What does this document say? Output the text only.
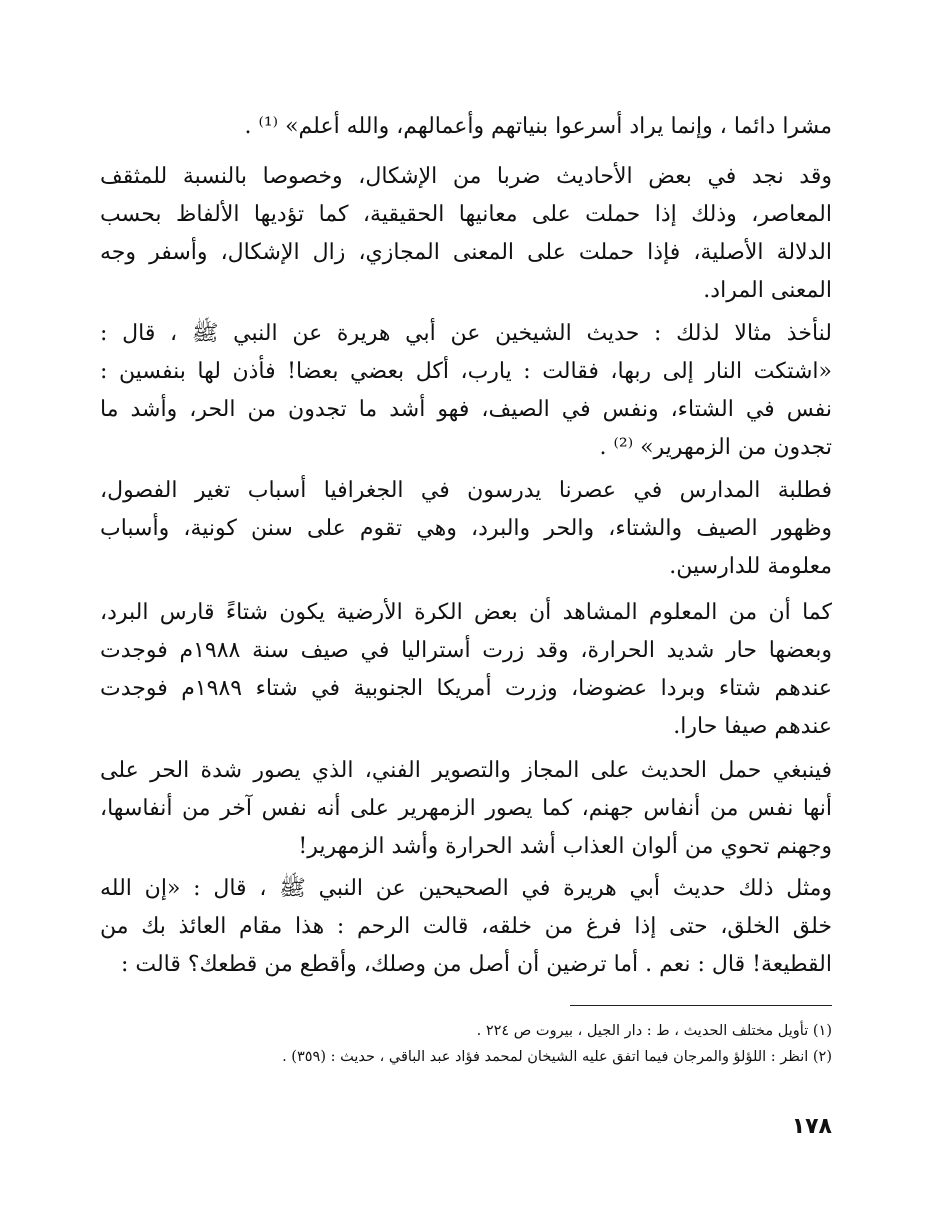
مشرا دائما ، وإنما يراد أسرعوا بنياتهم وأعمالهم، والله أعلم» ⁽¹⁾ .

وقد نجد في بعض الأحاديث ضربا من الإشكال، وخصوصا بالنسبة للمثقف
المعاصر، وذلك إذا حملت على معانيها الحقيقية، كما تؤديها الألفاظ بحسب
الدلالة الأصلية، فإذا حملت على المعنى المجازي، زال الإشكال، وأسفر وجه
المعنى المراد.

لنأخذ مثالا لذلك : حديث الشيخين عن أبي هريرة عن النبي ﷺ ، قال :
«اشتكت النار إلى ربها، فقالت : يارب، أكل بعضي بعضا! فأذن لها بنفسين :
نفس في الشتاء، ونفس في الصيف، فهو أشد ما تجدون من الحر، وأشد ما
تجدون من الزمهرير» ⁽²⁾ .

فطلبة المدارس في عصرنا يدرسون في الجغرافيا أسباب تغير الفصول،
وظهور الصيف والشتاء، والحر والبرد، وهي تقوم على سنن كونية، وأسباب
معلومة للدارسين.

كما أن من المعلوم المشاهد أن بعض الكرة الأرضية يكون شتاءً قارس البرد،
وبعضها حار شديد الحرارة، وقد زرت أستراليا في صيف سنة ١٩٨٨م فوجدت
عندهم شتاء وبردا عضوضا، وزرت أمريكا الجنوبية في شتاء ١٩٨٩م فوجدت
عندهم صيفا حارا.

فينبغي حمل الحديث على المجاز والتصوير الفني، الذي يصور شدة الحر على
أنها نفس من أنفاس جهنم، كما يصور الزمهرير على أنه نفس آخر من أنفاسها،
وجهنم تحوي من ألوان العذاب أشد الحرارة وأشد الزمهرير!

ومثل ذلك حديث أبي هريرة في الصحيحين عن النبي ﷺ ، قال : «إن الله
خلق الخلق، حتى إذا فرغ من خلقه، قالت الرحم : هذا مقام العائذ بك من
القطيعة! قال : نعم . أما ترضين أن أصل من وصلك، وأقطع من قطعك؟ قالت :

(١) تأويل مختلف الحديث ، ط : دار الجيل ، بيروت ص ٢٢٤ .
(٢) انظر : اللؤلؤ والمرجان فيما اتفق عليه الشيخان لمحمد فؤاد عبد الباقي ، حديث : (٣٥٩) .
١٧٨
